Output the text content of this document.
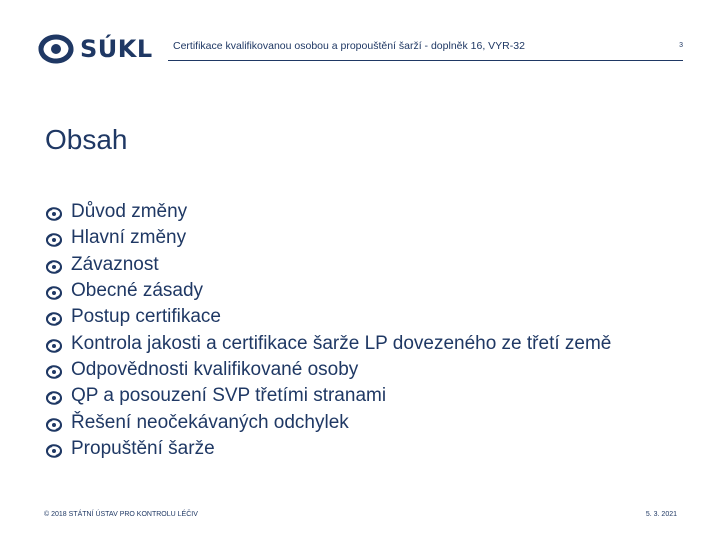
SÚKL Certifikace kvalifikovanou osobou a propouštění šarží - doplněk 16, VYR-32	3
Obsah
Důvod změny
Hlavní změny
Závaznost
Obecné zásady
Postup certifikace
Kontrola jakosti a certifikace šarže LP dovezeného ze třetí země
Odpovědnosti kvalifikované osoby
QP a posouzení SVP třetími stranami
Řešení neočekávaných odchylek
Propuštění šarže
© 2018 STÁTNÍ ÚSTAV PRO KONTROLU LÉČIV	5. 3. 2021
